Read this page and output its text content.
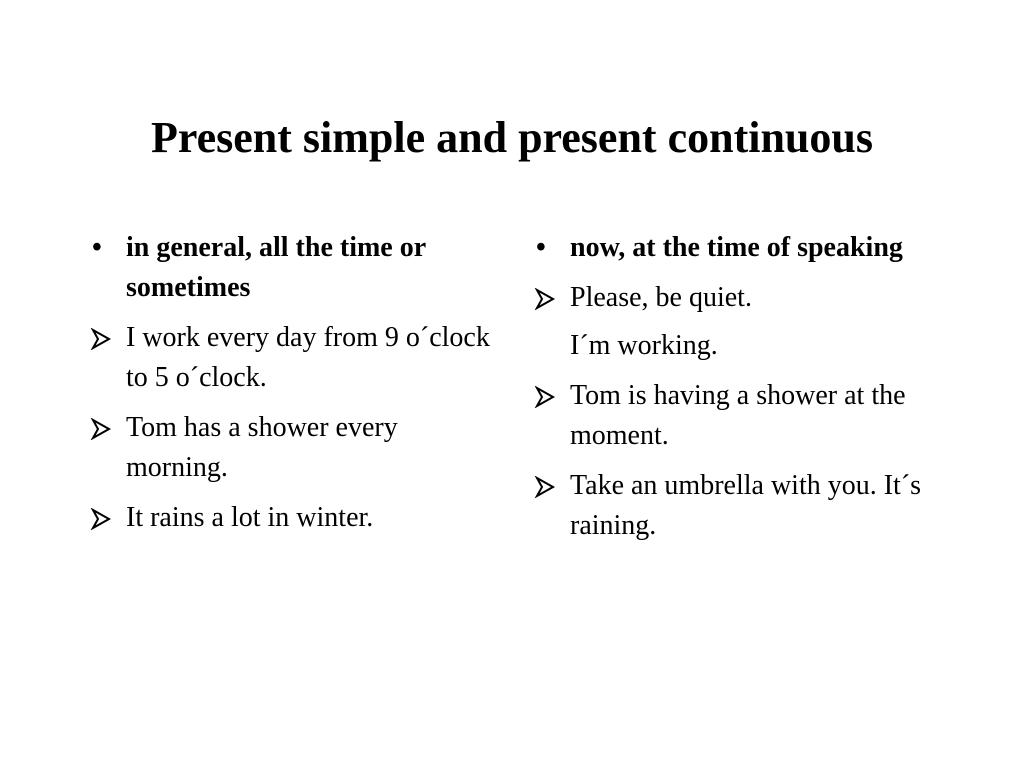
Present simple and present continuous
• in general, all the time or sometimes
I work every day from 9 o´clock to 5 o´clock.
Tom has a shower every morning.
It rains a lot in winter.
• now, at the time of speaking
Please, be quiet.
I´m working.
Tom is having a shower at the moment.
Take an umbrella with you. It´s raining.
